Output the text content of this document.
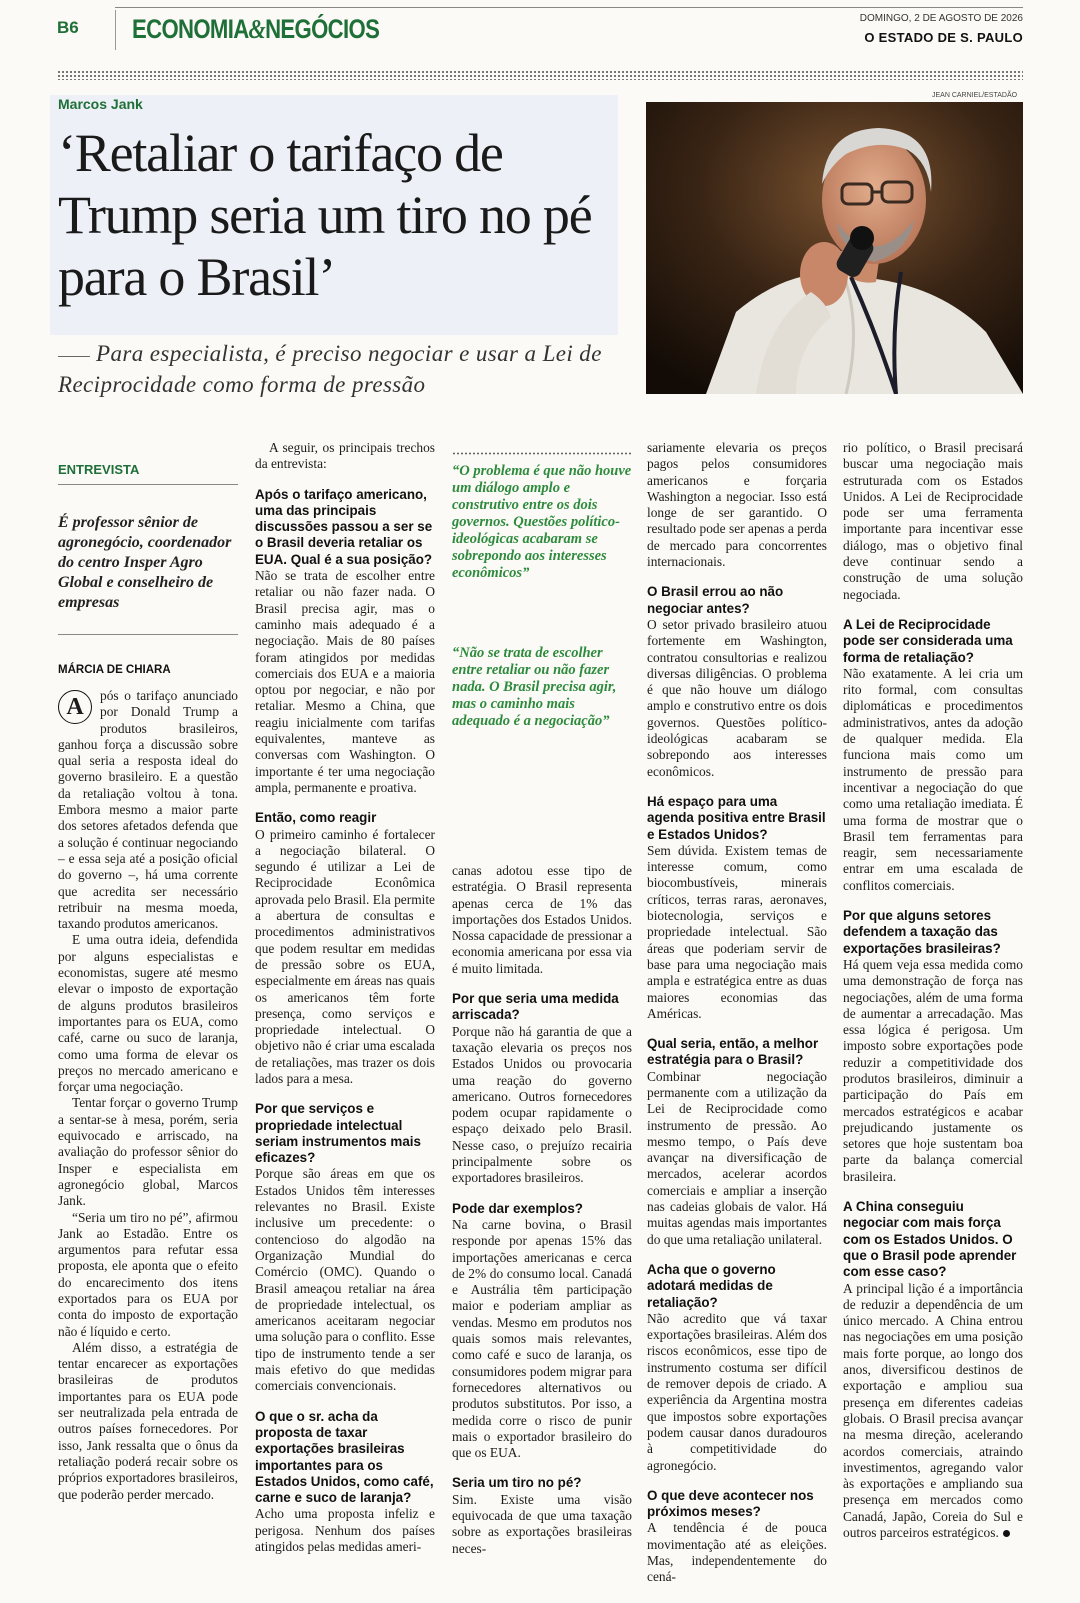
B6 ECONOMIA&NEGÓCIOS	DOMINGO, 2 DE AGOSTO DE 2026
O ESTADO DE S. PAULO
Marcos Jank
‘Retaliar o tarifaço de Trump seria um tiro no pé para o Brasil’
Para especialista, é preciso negociar e usar a Lei de Reciprocidade como forma de pressão
JEAN CARNIEL/ESTADÃO
ENTREVISTA
É professor sênior de agronegócio, coordenador do centro Insper Agro Global e conselheiro de empresas
MÁRCIA DE CHIARA

A	pós o tarifaço anunciado por Donald Trump a produtos brasileiros, ganhou força a discussão sobre qual seria a resposta ideal do governo brasileiro. E a questão da retaliação voltou à tona. Embora mesmo a maior parte dos setores afetados defenda que a solução é continuar negociando – e essa seja até a posição oficial do governo –, há uma corrente que acredita ser necessário retribuir na mesma moeda, taxando produtos americanos.

E uma outra ideia, defendida por alguns especialistas e economistas, sugere até mesmo elevar o imposto de exportação de alguns produtos brasileiros importantes para os EUA, como café, carne ou suco de laranja, como uma forma de elevar os preços no mercado americano e forçar uma negociação.

Tentar forçar o governo Trump a sentar-se à mesa, porém, seria equivocado e arriscado, na avaliação do professor sênior do Insper e especialista em agronegócio global, Marcos Jank.

“Seria um tiro no pé”, afirmou Jank ao Estadão. Entre os argumentos para refutar essa proposta, ele aponta que o efeito do encarecimento dos itens exportados para os EUA por conta do imposto de exportação não é líquido e certo.

Além disso, a estratégia de tentar encarecer as exportações brasileiras de produtos importantes para os EUA pode ser neutralizada pela entrada de outros países fornecedores. Por isso, Jank ressalta que o ônus da retaliação poderá recair sobre os próprios exportadores brasileiros, que poderão perder mercado.

A seguir, os principais trechos da entrevista:

Após o tarifaço americano, uma das principais discussões passou a ser se o Brasil deveria retaliar os EUA. Qual é a sua posição?

Não se trata de escolher entre retaliar ou não fazer nada. O Brasil precisa agir, mas o caminho mais adequado é a negociação. Mais de 80 países foram atingidos por medidas comerciais dos EUA e a maioria optou por negociar, e não por retaliar. Mesmo a China, que reagiu inicialmente com tarifas equivalentes, manteve as conversas com Washington. O importante é ter uma negociação ampla, permanente e proativa.

Então, como reagir

O primeiro caminho é fortalecer a negociação bilateral. O segundo é utilizar a Lei de Reciprocidade Econômica aprovada pelo Brasil. Ela permite a abertura de consultas e procedimentos administrativos que podem resultar em medidas de pressão sobre os EUA, especialmente em áreas nas quais os americanos têm forte presença, como serviços e propriedade intelectual. O objetivo não é criar uma escalada de retaliações, mas trazer os dois lados para a mesa.

Por que serviços e propriedade intelectual seriam instrumentos mais eficazes?

Porque são áreas em que os Estados Unidos têm interesses relevantes no Brasil. Existe inclusive um precedente: o contencioso do algodão na Organização Mundial do Comércio (OMC). Quando o Brasil ameaçou retaliar na área de propriedade intelectual, os americanos aceitaram negociar uma solução para o conflito. Esse tipo de instrumento tende a ser mais efetivo do que medidas comerciais convencionais.

O que o sr. acha da proposta de taxar exportações brasileiras importantes para os Estados Unidos, como café, carne e suco de laranja?

Acho uma proposta infeliz e perigosa. Nenhum dos países atingidos pelas medidas ameri-

“O problema é que não houve um diálogo amplo e construtivo entre os dois governos. Questões político-ideológicas acabaram se sobrepondo aos interesses econômicos”
“Não se trata de escolher entre retaliar ou não fazer nada. O Brasil precisa agir, mas o caminho mais adequado é a negociação”

canas adotou esse tipo de estratégia. O Brasil representa apenas cerca de 1% das importações dos Estados Unidos. Nossa capacidade de pressionar a economia americana por essa via é muito limitada.

Por que seria uma medida arriscada?

Porque não há garantia de que a taxação elevaria os preços nos Estados Unidos ou provocaria uma reação do governo americano. Outros fornecedores podem ocupar rapidamente o espaço deixado pelo Brasil. Nesse caso, o prejuízo recairia principalmente sobre os exportadores brasileiros.

Pode dar exemplos?

Na carne bovina, o Brasil responde por apenas 15% das importações americanas e cerca de 2% do consumo local. Canadá e Austrália têm participação maior e poderiam ampliar as vendas. Mesmo em produtos nos quais somos mais relevantes, como café e suco de laranja, os consumidores podem migrar para fornecedores alternativos ou produtos substitutos. Por isso, a medida corre o risco de punir mais o exportador brasileiro do que os EUA.

Seria um tiro no pé?

Sim. Existe uma visão equivocada de que uma taxação sobre as exportações brasileiras neces-

sariamente elevaria os preços pagos pelos consumidores americanos e forçaria Washington a negociar. Isso está longe de ser garantido. O resultado pode ser apenas a perda de mercado para concorrentes internacionais.

O Brasil errou ao não negociar antes?

O setor privado brasileiro atuou fortemente em Washington, contratou consultorias e realizou diversas diligências. O problema é que não houve um diálogo amplo e construtivo entre os dois governos. Questões político-ideológicas acabaram se sobrepondo aos interesses econômicos.

Há espaço para uma agenda positiva entre Brasil e Estados Unidos?

Sem dúvida. Existem temas de interesse comum, como biocombustíveis, minerais críticos, terras raras, aeronaves, biotecnologia, serviços e propriedade intelectual. São áreas que poderiam servir de base para uma negociação mais ampla e estratégica entre as duas maiores economias das Américas.

Qual seria, então, a melhor estratégia para o Brasil?

Combinar negociação permanente com a utilização da Lei de Reciprocidade como instrumento de pressão. Ao mesmo tempo, o País deve avançar na diversificação de mercados, acelerar acordos comerciais e ampliar a inserção nas cadeias globais de valor. Há muitas agendas mais importantes do que uma retaliação unilateral.

Acha que o governo adotará medidas de retaliação?

Não acredito que vá taxar exportações brasileiras. Além dos riscos econômicos, esse tipo de instrumento costuma ser difícil de remover depois de criado. A experiência da Argentina mostra que impostos sobre exportações podem causar danos duradouros à competitividade do agronegócio.

O que deve acontecer nos próximos meses?

A tendência é de pouca movimentação até as eleições. Mas, independentemente do cená-

rio político, o Brasil precisará buscar uma negociação mais estruturada com os Estados Unidos. A Lei de Reciprocidade pode ser uma ferramenta importante para incentivar esse diálogo, mas o objetivo final deve continuar sendo a construção de uma solução negociada.

A Lei de Reciprocidade pode ser considerada uma forma de retaliação?

Não exatamente. A lei cria um rito formal, com consultas diplomáticas e procedimentos administrativos, antes da adoção de qualquer medida. Ela funciona mais como um instrumento de pressão para incentivar a negociação do que como uma retaliação imediata. É uma forma de mostrar que o Brasil tem ferramentas para reagir, sem necessariamente entrar em uma escalada de conflitos comerciais.

Por que alguns setores defendem a taxação das exportações brasileiras?

Há quem veja essa medida como uma demonstração de força nas negociações, além de uma forma de aumentar a arrecadação. Mas essa lógica é perigosa. Um imposto sobre exportações pode reduzir a competitividade dos produtos brasileiros, diminuir a participação do País em mercados estratégicos e acabar prejudicando justamente os setores que hoje sustentam boa parte da balança comercial brasileira.

A China conseguiu negociar com mais força com os Estados Unidos. O que o Brasil pode aprender com esse caso?

A principal lição é a importância de reduzir a dependência de um único mercado. A China entrou nas negociações em uma posição mais forte porque, ao longo dos anos, diversificou destinos de exportação e ampliou sua presença em diferentes cadeias globais. O Brasil precisa avançar na mesma direção, acelerando acordos comerciais, atraindo investimentos, agregando valor às exportações e ampliando sua presença em mercados como Canadá, Japão, Coreia do Sul e outros parceiros estratégicos.
